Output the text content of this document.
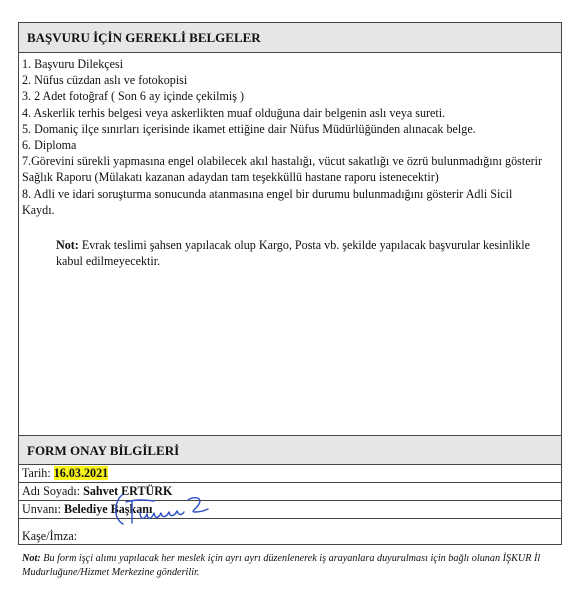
BAŞVURU İÇİN GEREKLİ BELGELER
1. Başvuru Dilekçesi
2. Nüfus cüzdan aslı ve fotokopisi
3. 2 Adet fotoğraf ( Son 6 ay içinde çekilmiş )
4. Askerlik terhis belgesi veya askerlikten muaf olduğuna dair belgenin aslı veya sureti.
5. Domaniç ilçe sınırları içerisinde ikamet ettiğine dair Nüfus Müdürlüğünden alınacak belge.
6. Diploma
7.Görevini sürekli yapmasına engel olabilecek akıl hastalığı, vücut sakatlığı ve özrü bulunmadığını gösterir Sağlık Raporu (Mülakatı kazanan adaydan tam teşekküllü hastane raporu istenecektir)
8. Adli ve idari soruşturma sonucunda atanmasına engel bir durumu bulunmadığını gösterir Adli Sicil Kaydı.
Not: Evrak teslimi şahsen yapılacak olup Kargo, Posta vb. şekilde yapılacak başvurular kesinlikle kabul edilmeyecektir.
FORM ONAY BİLGİLERİ
Tarih: 16.03.2021
Adı Soyadı: Sahvet ERTÜRK
Unvanı: Belediye Başkanı
Kaşe/İmza:
Not: Bu form işçi alımı yapılacak her meslek için ayrı ayrı düzenlenerek iş arayanlara duyurulması için bağlı olunan İŞKUR İl Mudurluğune/Hizmet Merkezine gönderilir.
